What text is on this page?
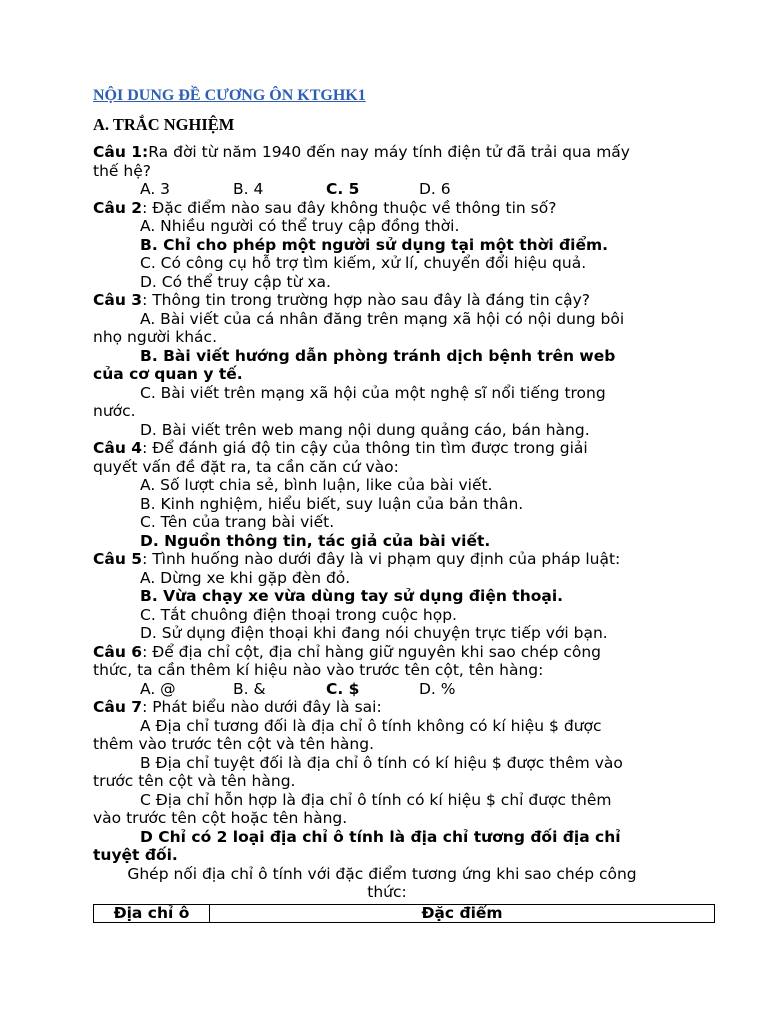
NỘI DUNG ĐỀ CƯƠNG ÔN KTGHK1
A. TRẮC NGHIỆM
Câu 1:Ra đời từ năm 1940 đến nay máy tính điện tử đã trải qua mấy
thế hệ?
A. 3	B. 4	C. 5	D. 6
Câu 2: Đặc điểm nào sau đây không thuộc về thông tin số?
A. Nhiều người có thể truy cập đồng thời.
B. Chỉ cho phép một người sử dụng tại một thời điểm.
C. Có công cụ hỗ trợ tìm kiếm, xử lí, chuyển đổi hiệu quả.
D. Có thể truy cập từ xa.
Câu 3: Thông tin trong trường hợp nào sau đây là đáng tin cậy?
A. Bài viết của cá nhân đăng trên mạng xã hội có nội dung bôi
nhọ người khác.
B. Bài viết hướng dẫn phòng tránh dịch bệnh trên web
của cơ quan y tế.
C. Bài viết trên mạng xã hội của một nghệ sĩ nổi tiếng trong
nước.
D. Bài viết trên web mang nội dung quảng cáo, bán hàng.
Câu 4: Để đánh giá độ tin cậy của thông tin tìm được trong giải
quyết vấn đề đặt ra, ta cần căn cứ vào:
A. Số lượt chia sẻ, bình luận, like của bài viết.
B. Kinh nghiệm, hiểu biết, suy luận của bản thân.
C. Tên của trang bài viết.
D. Nguồn thông tin, tác giả của bài viết.
Câu 5: Tình huống nào dưới đây là vi phạm quy định của pháp luật:
A. Dừng xe khi gặp đèn đỏ.
B. Vừa chạy xe vừa dùng tay sử dụng điện thoại.
C. Tắt chuông điện thoại trong cuộc họp.
D. Sử dụng điện thoại khi đang nói chuyện trực tiếp với bạn.
Câu 6: Để địa chỉ cột, địa chỉ hàng giữ nguyên khi sao chép công
thức, ta cần thêm kí hiệu nào vào trước tên cột, tên hàng:
A. @	B. &	C. $	D. %
Câu 7: Phát biểu nào dưới đây là sai:
A Địa chỉ tương đối là địa chỉ ô tính không có kí hiệu $ được
thêm vào trước tên cột và tên hàng.
B Địa chỉ tuyệt đối là địa chỉ ô tính có kí hiệu $ được thêm vào
trước tên cột và tên hàng.
C Địa chỉ hỗn hợp là địa chỉ ô tính có kí hiệu $ chỉ được thêm
vào trước tên cột hoặc tên hàng.
D Chỉ có 2 loại địa chỉ ô tính là địa chỉ tương đối địa chỉ
tuyệt đối.
Ghép nối địa chỉ ô tính với đặc điểm tương ứng khi sao chép công
thức:
Địa chỉ ô	Đặc điểm
